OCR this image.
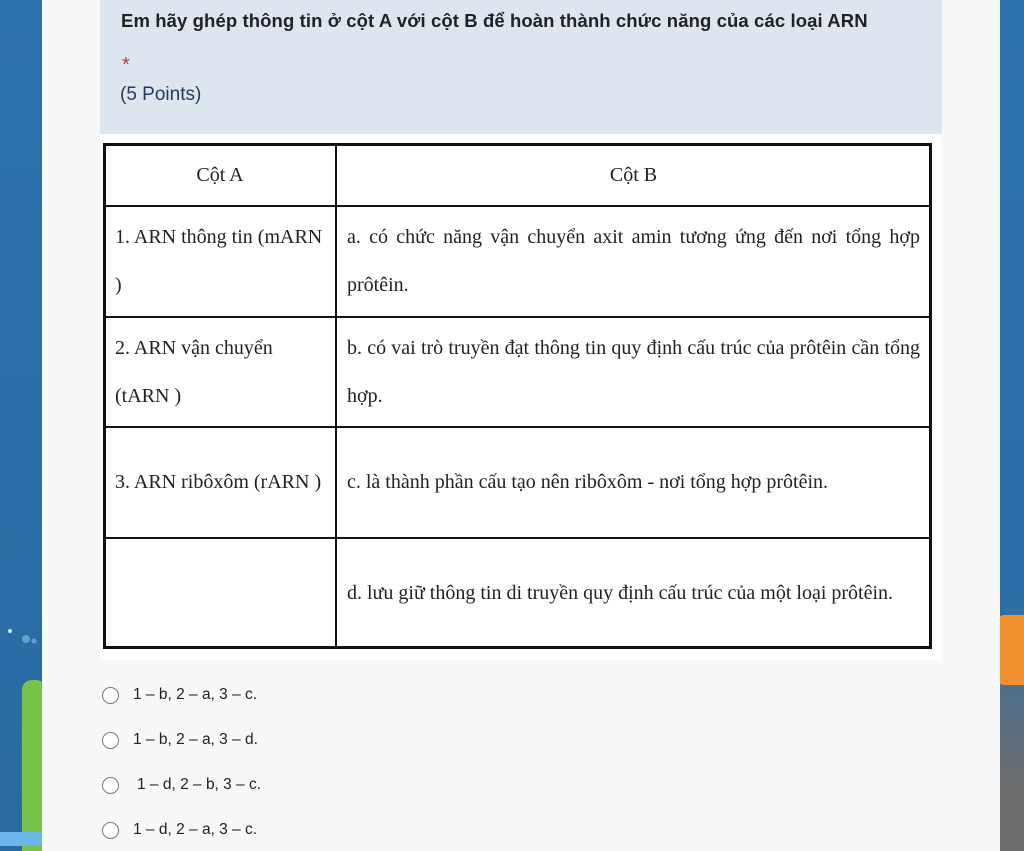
Em hãy ghép thông tin ở cột A với cột B để hoàn thành chức năng của các loại ARN
*
(5 Points)
Cột A	Cột B
1. ARN thông tin (mARN )	a. có chức năng vận chuyển axit amin tương ứng đến nơi tổng hợp prôtêin.
2. ARN vận chuyển (tARN )	b. có vai trò truyền đạt thông tin quy định cấu trúc của prôtêin cần tổng hợp.
3. ARN ribôxôm (rARN )	c. là thành phần cấu tạo nên ribôxôm - nơi tổng hợp prôtêin.
	d. lưu giữ thông tin di truyền quy định cấu trúc của một loại prôtêin.
1 – b, 2 – a, 3 – c.
1 – b, 2 – a, 3 – d.
1 – d, 2 – b, 3 – c.
1 – d, 2 – a, 3 – c.
